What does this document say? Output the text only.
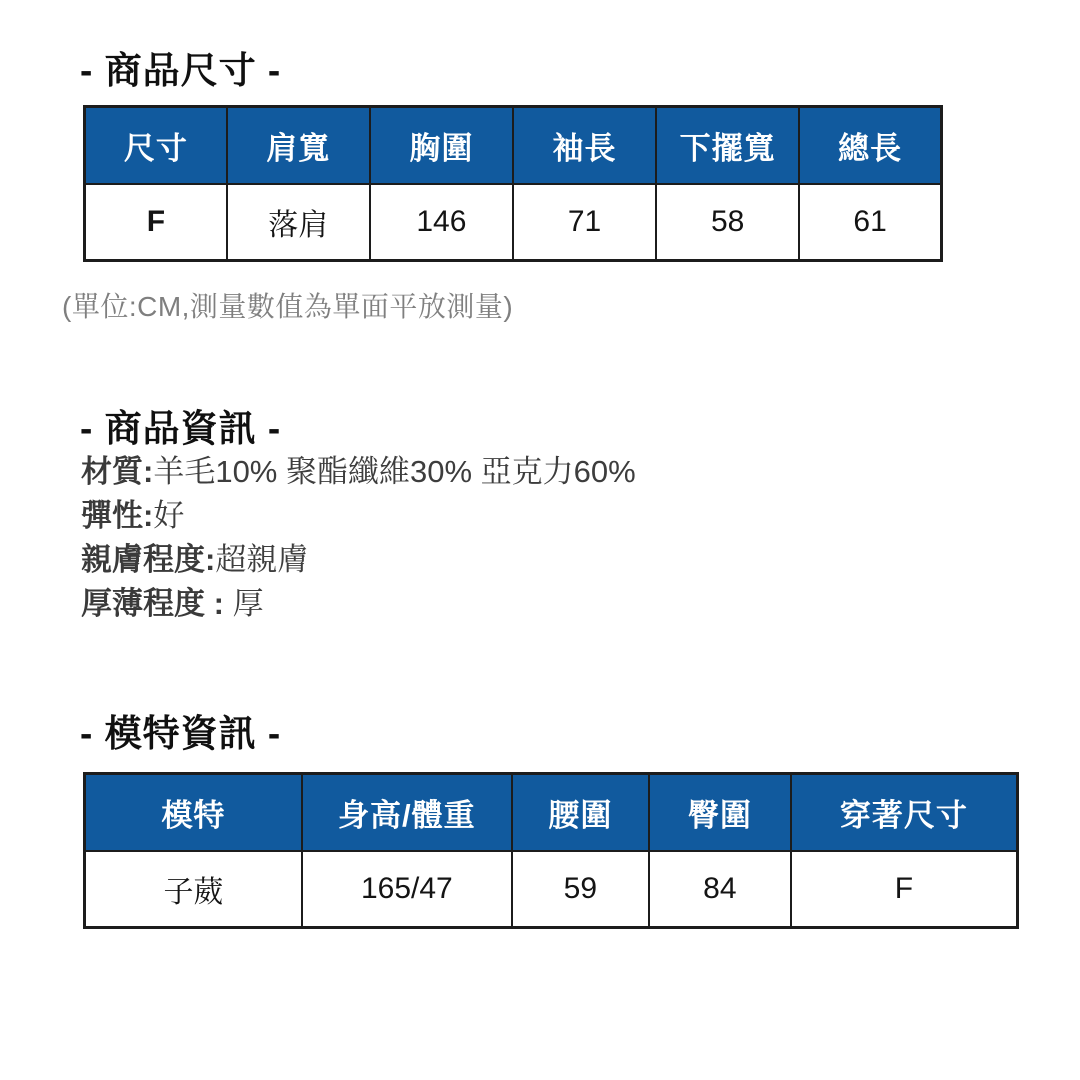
- 商品尺寸 -
尺寸	肩寬	胸圍	袖長	下擺寬	總長
F	落肩	146	71	58	61

(單位:CM,測量數值為單面平放測量)

- 商品資訊 -

材質:羊毛10% 聚酯纖維30% 亞克力60%

彈性:好

親膚程度:超親膚

厚薄程度 : 厚

- 模特資訊 -
模特	身高/體重	腰圍	臀圍	穿著尺寸
子葳	165/47	59	84	F
